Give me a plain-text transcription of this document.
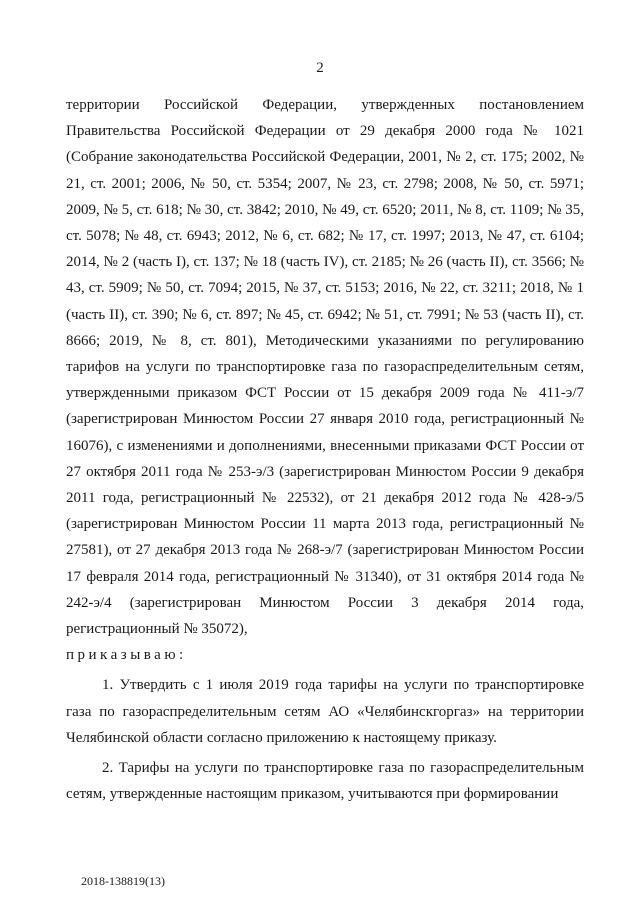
2

территории Российской Федерации, утвержденных постановлением Правительства Российской Федерации от 29 декабря 2000 года № 1021 (Собрание законодательства Российской Федерации, 2001, № 2, ст. 175; 2002, № 21, ст. 2001; 2006, № 50, ст. 5354; 2007, № 23, ст. 2798; 2008, № 50, ст. 5971; 2009, № 5, ст. 618; № 30, ст. 3842; 2010, № 49, ст. 6520; 2011, № 8, ст. 1109; № 35, ст. 5078; № 48, ст. 6943; 2012, № 6, ст. 682; № 17, ст. 1997; 2013, № 47, ст. 6104; 2014, № 2 (часть I), ст. 137; № 18 (часть IV), ст. 2185; № 26 (часть II), ст. 3566; № 43, ст. 5909; № 50, ст. 7094; 2015, № 37, ст. 5153; 2016, № 22, ст. 3211; 2018, № 1 (часть II), ст. 390; № 6, ст. 897; № 45, ст. 6942; № 51, ст. 7991; № 53 (часть II), ст. 8666; 2019, № 8, ст. 801), Методическими указаниями по регулированию тарифов на услуги по транспортировке газа по газораспределительным сетям, утвержденными приказом ФСТ России от 15 декабря 2009 года № 411-э/7 (зарегистрирован Минюстом России 27 января 2010 года, регистрационный № 16076), с изменениями и дополнениями, внесенными приказами ФСТ России от 27 октября 2011 года № 253-э/3 (зарегистрирован Минюстом России 9 декабря 2011 года, регистрационный № 22532), от 21 декабря 2012 года № 428-э/5 (зарегистрирован Минюстом России 11 марта 2013 года, регистрационный № 27581), от 27 декабря 2013 года № 268-э/7 (зарегистрирован Минюстом России 17 февраля 2014 года, регистрационный № 31340), от 31 октября 2014 года № 242-э/4 (зарегистрирован Минюстом России 3 декабря 2014 года, регистрационный № 35072),

приказываю:

1. Утвердить с 1 июля 2019 года тарифы на услуги по транспортировке газа по газораспределительным сетям АО «Челябинскгоргаз» на территории Челябинской области согласно приложению к настоящему приказу.

2. Тарифы на услуги по транспортировке газа по газораспределительным сетям, утвержденные настоящим приказом, учитываются при формировании

2018-138819(13)
